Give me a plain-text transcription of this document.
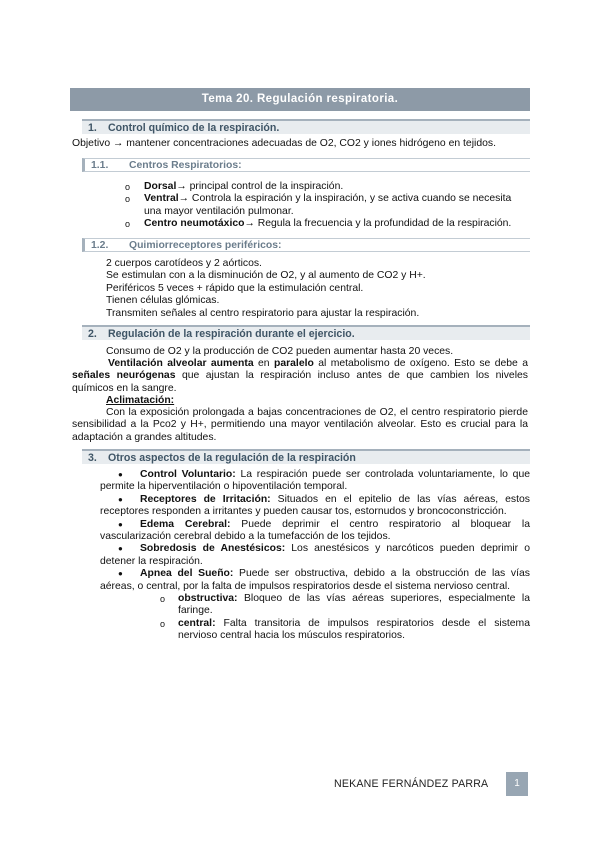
Tema 20. Regulación respiratoria.
1. Control químico de la respiración.
Objetivo → mantener concentraciones adecuadas de O2, CO2 y iones hidrógeno en tejidos.
1.1. Centros Respiratorios:
o Dorsal→ principal control de la inspiración.
o Ventral→ Controla la espiración y la inspiración, y se activa cuando se necesita una mayor ventilación pulmonar.
o Centro neumotáxico→ Regula la frecuencia y la profundidad de la respiración.
1.2. Quimiorreceptores periféricos:
2 cuerpos carotídeos y 2 aórticos.
Se estimulan con a la disminución de O2, y al aumento de CO2 y H+.
Periféricos 5 veces + rápido que la estimulación central.
Tienen células glómicas.
Transmiten señales al centro respiratorio para ajustar la respiración.
2. Regulación de la respiración durante el ejercicio.
Consumo de O2 y la producción de CO2 pueden aumentar hasta 20 veces.
Ventilación alveolar aumenta en paralelo al metabolismo de oxígeno. Esto se debe a señales neurógenas que ajustan la respiración incluso antes de que cambien los niveles químicos en la sangre.
Aclimatación:
Con la exposición prolongada a bajas concentraciones de O2, el centro respiratorio pierde sensibilidad a la Pco2 y H+, permitiendo una mayor ventilación alveolar. Esto es crucial para la adaptación a grandes altitudes.
3. Otros aspectos de la regulación de la respiración
● Control Voluntario: La respiración puede ser controlada voluntariamente, lo que permite la hiperventilación o hipoventilación temporal.
● Receptores de Irritación: Situados en el epitelio de las vías aéreas, estos receptores responden a irritantes y pueden causar tos, estornudos y broncoconstricción.
● Edema Cerebral: Puede deprimir el centro respiratorio al bloquear la vascularización cerebral debido a la tumefacción de los tejidos.
● Sobredosis de Anestésicos: Los anestésicos y narcóticos pueden deprimir o detener la respiración.
● Apnea del Sueño: Puede ser obstructiva, debido a la obstrucción de las vías aéreas, o central, por la falta de impulsos respiratorios desde el sistema nervioso central.
o obstructiva: Bloqueo de las vías aéreas superiores, especialmente la faringe.
o central: Falta transitoria de impulsos respiratorios desde el sistema nervioso central hacia los músculos respiratorios.
NEKANE FERNÁNDEZ PARRA	1
